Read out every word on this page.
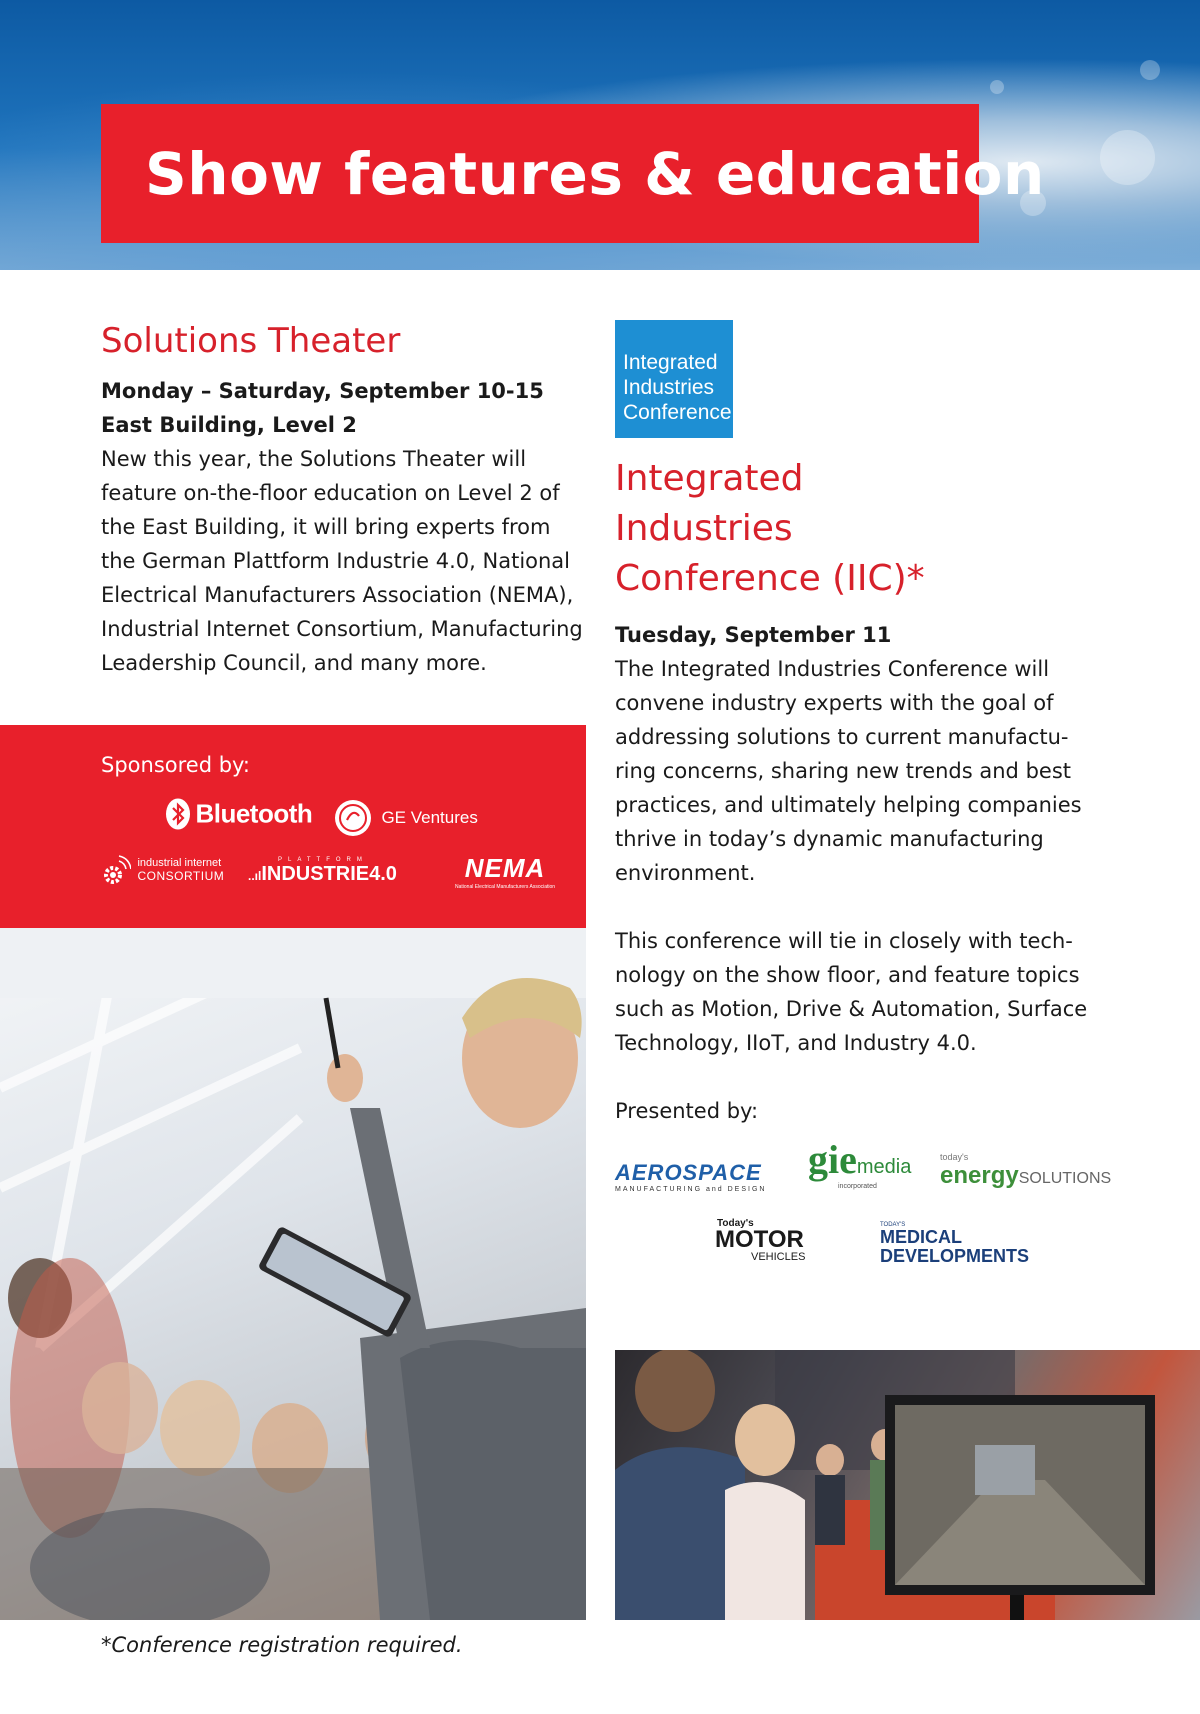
Show features & education
Solutions Theater
Monday – Saturday, September 10-15
East Building, Level 2
New this year, the Solutions Theater will
feature on-the-floor education on Level 2 of
the East Building, it will bring experts from
the German Plattform Industrie 4.0, National
Electrical Manufacturers Association (NEMA),
Industrial Internet Consortium, Manufacturing
Leadership Council, and many more.
Sponsored by:
Bluetooth	GE Ventures

industrial internet
CONSORTIUM
PLATTFORM
..ılINDUSTRIE4.0	NEMA
National Electrical Manufacturers Association
Integrated
Industries
Conference
Integrated
Industries
Conference (IIC)*
Tuesday, September 11
The Integrated Industries Conference will
convene industry experts with the goal of
addressing solutions to current manufactu-
ring concerns, sharing new trends and best
practices, and ultimately helping companies
thrive in today’s dynamic manufacturing
environment.
This conference will tie in closely with tech-
nology on the show floor, and feature topics
such as Motion, Drive & Automation, Surface
Technology, IIoT, and Industry 4.0.
Presented by:
AEROSPACE
MANUFACTURING and DESIGN
giemedia
incorporated
today's
energySOLUTIONS
Today's
MOTOR
VEHICLES
TODAY'S
MEDICAL
DEVELOPMENTS
*Conference registration required.
